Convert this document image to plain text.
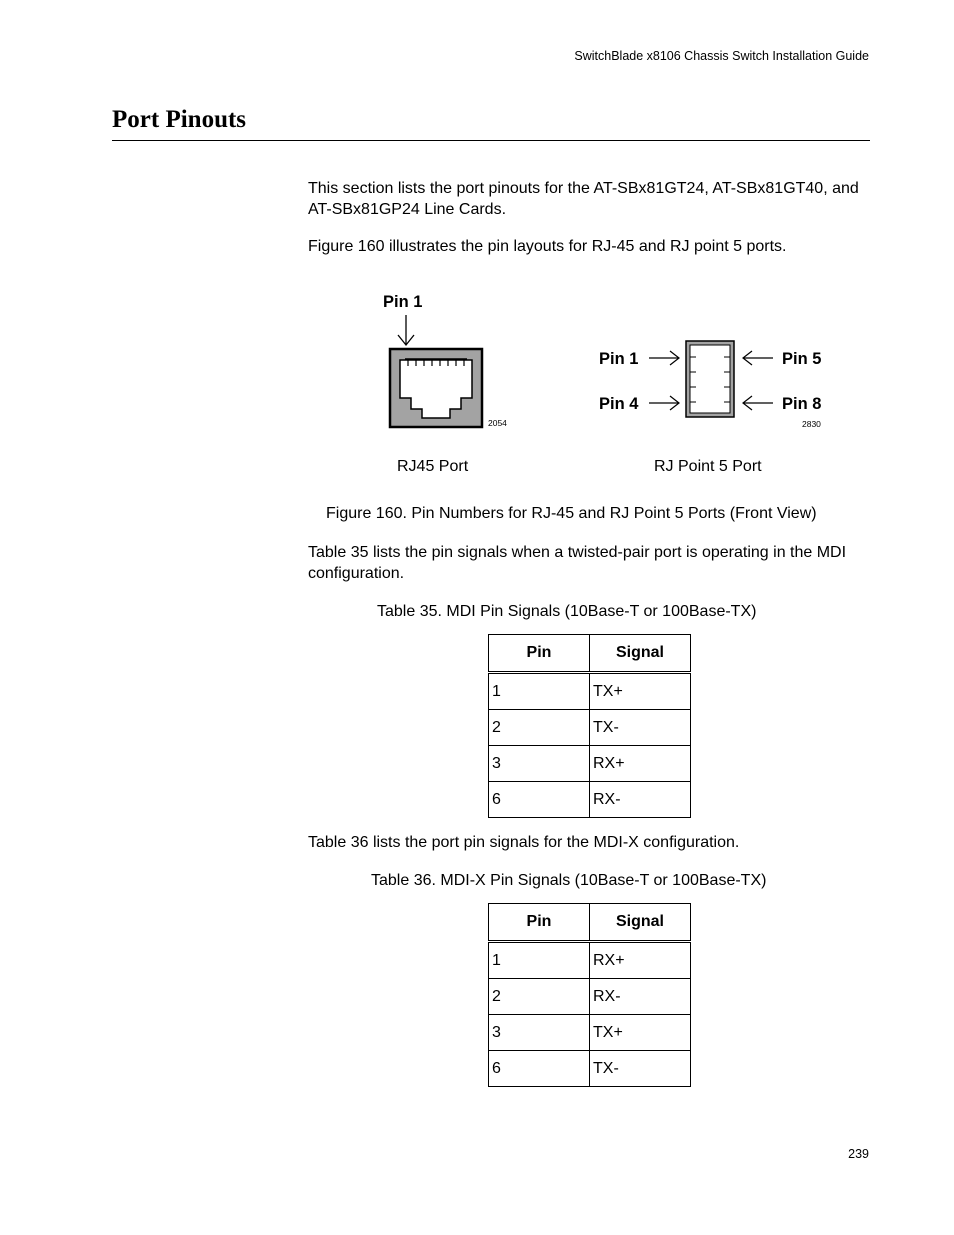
SwitchBlade x8106 Chassis Switch Installation Guide
Port Pinouts
This section lists the port pinouts for the AT-SBx81GT24, AT-SBx81GT40, and AT-SBx81GP24 Line Cards.
Figure 160 illustrates the pin layouts for RJ-45 and RJ point 5 ports.
Pin 1
2054
Pin 1
Pin 4
Pin 5
Pin 8
2830
RJ45 Port	RJ Point 5 Port
Figure 160. Pin Numbers for RJ-45 and RJ Point 5 Ports (Front View)
Table 35 lists the pin signals when a twisted-pair port is operating in the MDI configuration.
Table 35. MDI Pin Signals (10Base-T or 100Base-TX)
Pin	Signal
1	TX+
2	TX-
3	RX+
6	RX-
Table 36 lists the port pin signals for the MDI-X configuration.
Table 36. MDI-X Pin Signals (10Base-T or 100Base-TX)
Pin	Signal
1	RX+
2	RX-
3	TX+
6	TX-
239
